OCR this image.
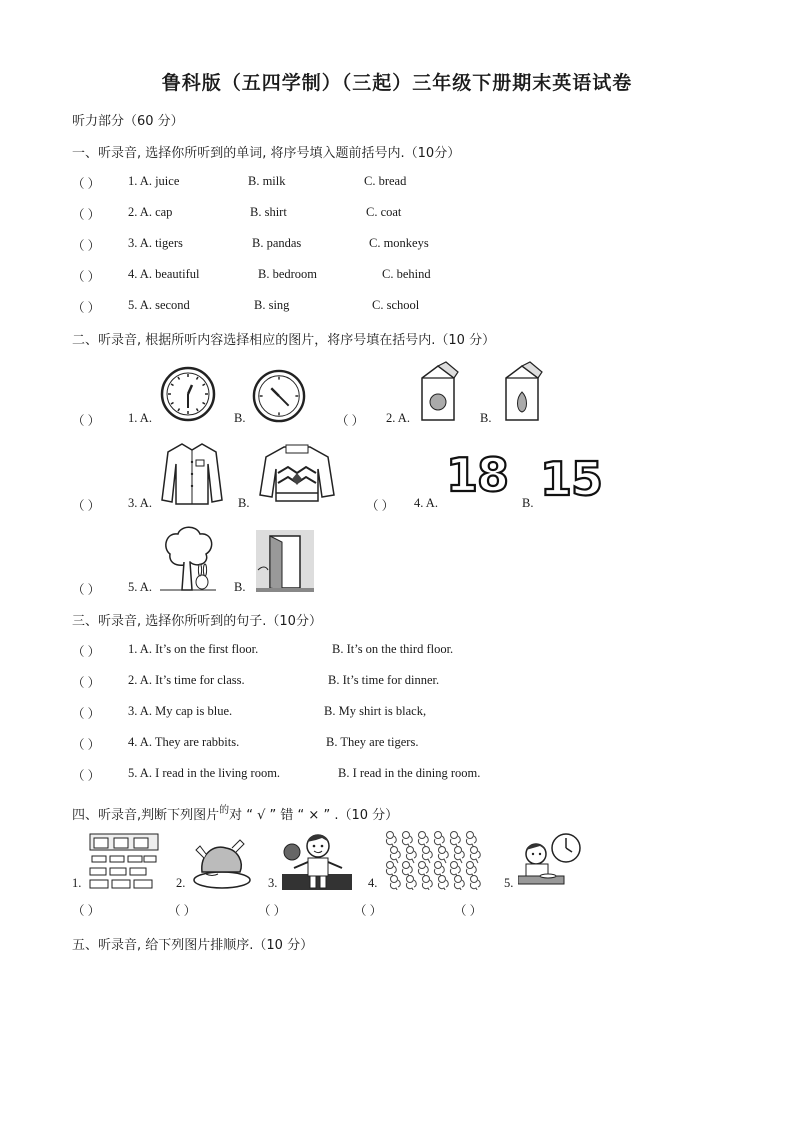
鲁科版（五四学制）（三起）三年级下册期末英语试卷
听力部分（60 分）
一、听录音, 选择你所听到的单词, 将序号填入题前括号内.（10分）
（ ） 1. A. juice	B. milk	C. bread
（ ） 2. A. cap	B. shirt	C. coat
（ ） 3. A. tigers	B. pandas	C. monkeys
（ ） 4. A. beautiful	B. bedroom	C. behind
（ ） 5. A. second	B. sing	C. school
二、听录音, 根据所听内容选择相应的图片，将序号填在括号内.（10 分）
（ ） 1. A.	B.	（ ） 2. A.	B.
（ ） 3. A.	B.	（ ） 4. A.
18
B. 15
（ ） 5. A.	B.
三、听录音, 选择你所听到的句子.（10分）
（ ） 1. A. It’s on the first floor.	B. It’s on the third floor.
（ ） 2. A. It’s time for class.	B. It’s time for dinner.
（ ） 3. A. My cap is blue.	B. My shirt is black,
（ ） 4. A. They are rabbits.	B. They are tigers.
（ ） 5. A. I read in the living room.	B. I read in the dining room.
四、听录音,判断下列图片$^的$对 “ √ ” 错 “ × ” .（10 分）
1.	2.	3.	4.	5.
（ ）	（ ）	（ ）	（ ）	（ ）
五、听录音, 给下列图片排顺序.（10 分）
